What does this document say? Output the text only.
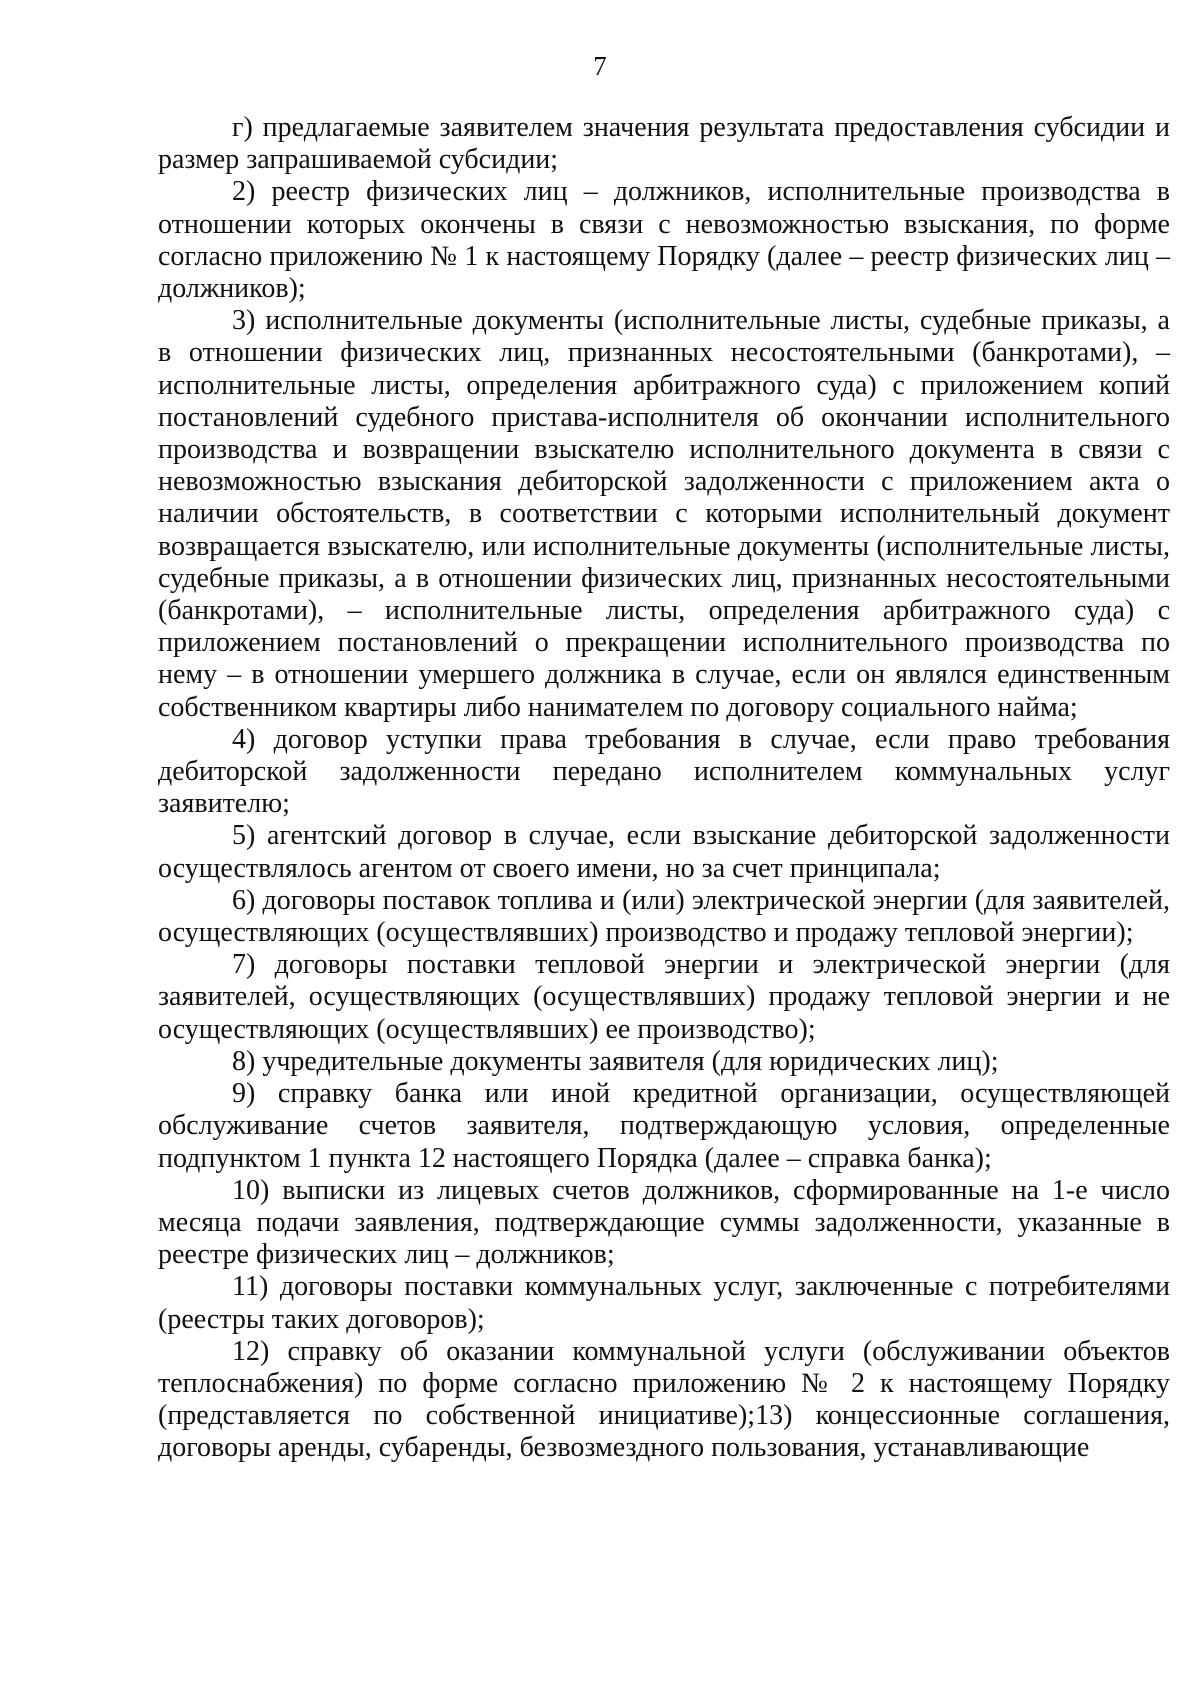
7

г) предлагаемые заявителем значения результата предоставления субсидии и размер запрашиваемой субсидии;

2) реестр физических лиц – должников, исполнительные производства в отношении которых окончены в связи с невозможностью взыскания, по форме согласно приложению № 1 к настоящему Порядку (далее – реестр физических лиц – должников);

3) исполнительные документы (исполнительные листы, судебные приказы, а в отношении физических лиц, признанных несостоятельными (банкротами), – исполнительные листы, определения арбитражного суда) с приложением копий постановлений судебного пристава-исполнителя об окончании исполнительного производства и возвращении взыскателю исполнительного документа в связи с невозможностью взыскания дебиторской задолженности с приложением акта о наличии обстоятельств, в соответствии с которыми исполнительный документ возвращается взыскателю, или исполнительные документы (исполнительные листы, судебные приказы, а в отношении физических лиц, признанных несостоятельными (банкротами), – исполнительные листы, определения арбитражного суда) с приложением постановлений о прекращении исполнительного производства по нему – в отношении умершего должника в случае, если он являлся единственным собственником квартиры либо нанимателем по договору социального найма;

4) договор уступки права требования в случае, если право требования дебиторской задолженности передано исполнителем коммунальных услуг заявителю;

5) агентский договор в случае, если взыскание дебиторской задолженности осуществлялось агентом от своего имени, но за счет принципала;

6) договоры поставок топлива и (или) электрической энергии (для заявителей, осуществляющих (осуществлявших) производство и продажу тепловой энергии);

7) договоры поставки тепловой энергии и электрической энергии (для заявителей, осуществляющих (осуществлявших) продажу тепловой энергии и не осуществляющих (осуществлявших) ее производство);

8) учредительные документы заявителя (для юридических лиц);

9) справку банка или иной кредитной организации, осуществляющей обслуживание счетов заявителя, подтверждающую условия, определенные подпунктом 1 пункта 12 настоящего Порядка (далее – справка банка);

10) выписки из лицевых счетов должников, сформированные на 1-е число месяца подачи заявления, подтверждающие суммы задолженности, указанные в реестре физических лиц – должников;

11) договоры поставки коммунальных услуг, заключенные с потребителями (реестры таких договоров);

12) справку об оказании коммунальной услуги (обслуживании объектов теплоснабжения) по форме согласно приложению № 2 к настоящему Порядку (представляется по собственной инициативе);13) концессионные соглашения, договоры аренды, субаренды, безвозмездного пользования, устанавливающие
